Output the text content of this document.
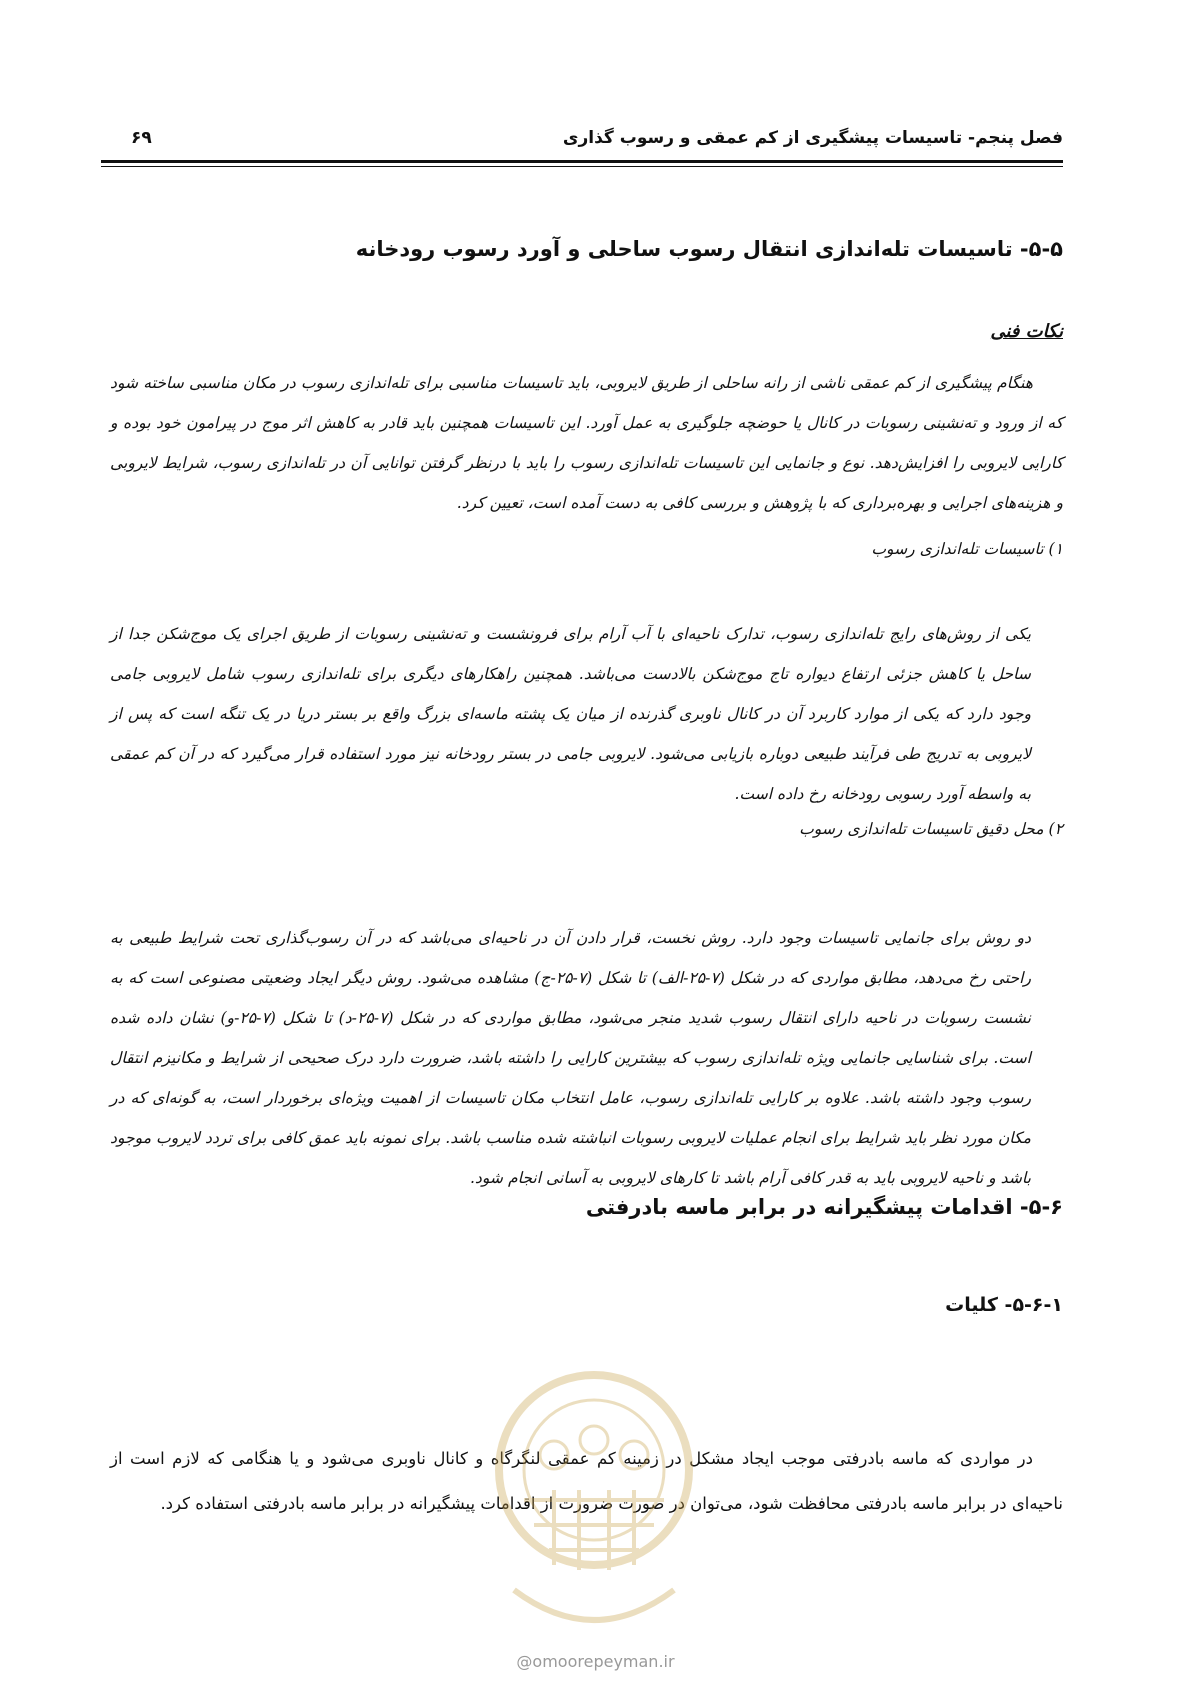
فصل پنجم- تاسیسات پیشگیری از کم عمقی و رسوب گذاری
۶۹
۵-۵- تاسیسات تله‌اندازی انتقال رسوب ساحلی و آورد رسوب رودخانه
نکات فنی
هنگام پیشگیری از کم عمقی ناشی از رانه ساحلی از طریق لایروبی، باید تاسیسات مناسبی برای تله‌اندازی رسوب در مکان مناسبی ساخته شود که از ورود و ته‌نشینی رسوبات در کانال یا حوضچه جلوگیری به عمل آورد. این تاسیسات همچنین باید قادر به کاهش اثر موج در پیرامون خود بوده و کارایی لایروبی را افزایش‌دهد. نوع و جانمایی این تاسیسات تله‌اندازی رسوب را باید با درنظر گرفتن توانایی آن در تله‌اندازی رسوب، شرایط لایروبی و هزینه‌های اجرایی و بهره‌برداری که با پژوهش و بررسی کافی به دست آمده است، تعیین کرد.
۱) تاسیسات تله‌اندازی رسوب
یکی از روش‌های رایج تله‌اندازی رسوب، تدارک ناحیه‌ای با آب آرام برای فرونشست و ته‌نشینی رسوبات از طریق اجرای یک موج‌شکن جدا از ساحل یا کاهش جزئی ارتفاع دیواره تاج موج‌شکن بالادست می‌باشد. همچنین راهکارهای دیگری برای تله‌اندازی رسوب شامل لایروبی جامی وجود دارد که یکی از موارد کاربرد آن در کانال ناوبری گذرنده از میان یک پشته ماسه‌ای بزرگ واقع بر بستر دریا در یک تنگه است که پس از لایروبی به تدریج طی فرآیند طبیعی دوباره بازیابی می‌شود. لایروبی جامی در بستر رودخانه نیز مورد استفاده قرار می‌گیرد که در آن کم عمقی به واسطه آورد رسوبی رودخانه رخ داده است.
۲) محل دقیق تاسیسات تله‌اندازی رسوب
دو روش برای جانمایی تاسیسات وجود دارد. روش نخست، قرار دادن آن در ناحیه‌ای می‌باشد که در آن رسوب‌گذاری تحت شرایط طبیعی به راحتی رخ می‌دهد، مطابق مواردی که در شکل (۷-۲۵-الف) تا شکل (۷-۲۵-ج) مشاهده می‌شود. روش دیگر ایجاد وضعیتی مصنوعی است که به نشست رسوبات در ناحیه دارای انتقال رسوب شدید منجر می‌شود، مطابق مواردی که در شکل (۷-۲۵-د) تا شکل (۷-۲۵-و) نشان داده شده است. برای شناسایی جانمایی ویژه تله‌اندازی رسوب که بیشترین کارایی را داشته باشد، ضرورت دارد درک صحیحی از شرایط و مکانیزم انتقال رسوب وجود داشته باشد. علاوه بر کارایی تله‌اندازی رسوب، عامل انتخاب مکان تاسیسات از اهمیت ویژه‌ای برخوردار است، به گونه‌ای که در مکان مورد نظر باید شرایط برای انجام عملیات لایروبی رسوبات انباشته شده مناسب باشد. برای نمونه باید عمق کافی برای تردد لایروب موجود باشد و ناحیه لایروبی باید به قدر کافی آرام باشد تا کارهای لایروبی به آسانی انجام شود.
۵-۶- اقدامات پیشگیرانه در برابر ماسه بادرفتی
۵-۶-۱- کلیات
در مواردی که ماسه بادرفتی موجب ایجاد مشکل در زمینه کم عمقی لنگرگاه و کانال ناوبری می‌شود و یا هنگامی که لازم است از ناحیه‌ای در برابر ماسه بادرفتی محافظت شود، می‌توان در صورت ضرورت از اقدامات پیشگیرانه در برابر ماسه بادرفتی استفاده کرد.
@omoorepeyman.ir
